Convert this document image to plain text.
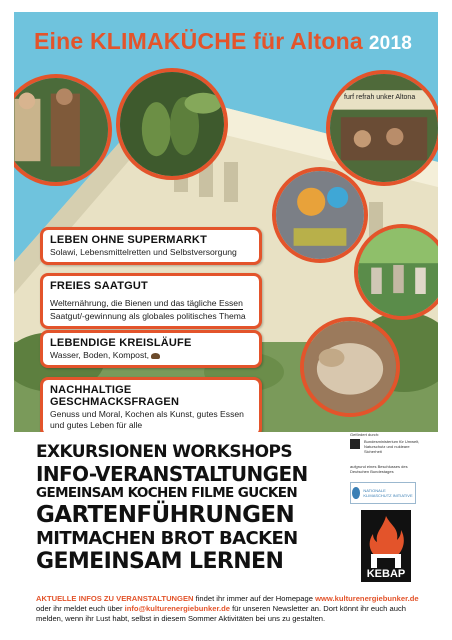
Eine KLIMAKÜCHE für Altona 2018
furf refrah unker Altona
LEBEN OHNE SUPERMARKT

Solawi, Lebensmittelretten und Selbstversorgung

FREIES SAATGUT

Welternährung, die Bienen und das tägliche Essen

Saatgut/-gewinnung als globales politisches Thema

LEBENDIGE KREISLÄUFE

Wasser, Boden, Kompost,

NACHHALTIGE GESCHMACKSFRAGEN

Genuss und Moral, Kochen als Kunst, gutes Essen

und gutes Leben für alle

EXKURSIONEN WORKSHOPS
INFO-VERANSTALTUNGEN
GEMEINSAM KOCHEN FILME GUCKEN
GARTENFÜHRUNGEN
MITMACHEN BROT BACKEN
GEMEINSAM LERNEN
Gefördert durch:
Bundesministerium für Umwelt, Naturschutz und nukleare Sicherheit
aufgrund eines Beschlusses des Deutschen Bundestages
NATIONALE KLIMASCHUTZ INITIATIVE
KEBAP
AKTUELLE INFOS ZU VERANSTALTUNGEN findet ihr immer auf der Homepage www.kulturenergiebunker.de oder ihr meldet euch über info@kulturenergiebunker.de für unseren Newsletter an. Dort könnt ihr euch auch melden, wenn ihr Lust habt, selbst in diesem Sommer Aktivitäten bei uns zu gestalten.
